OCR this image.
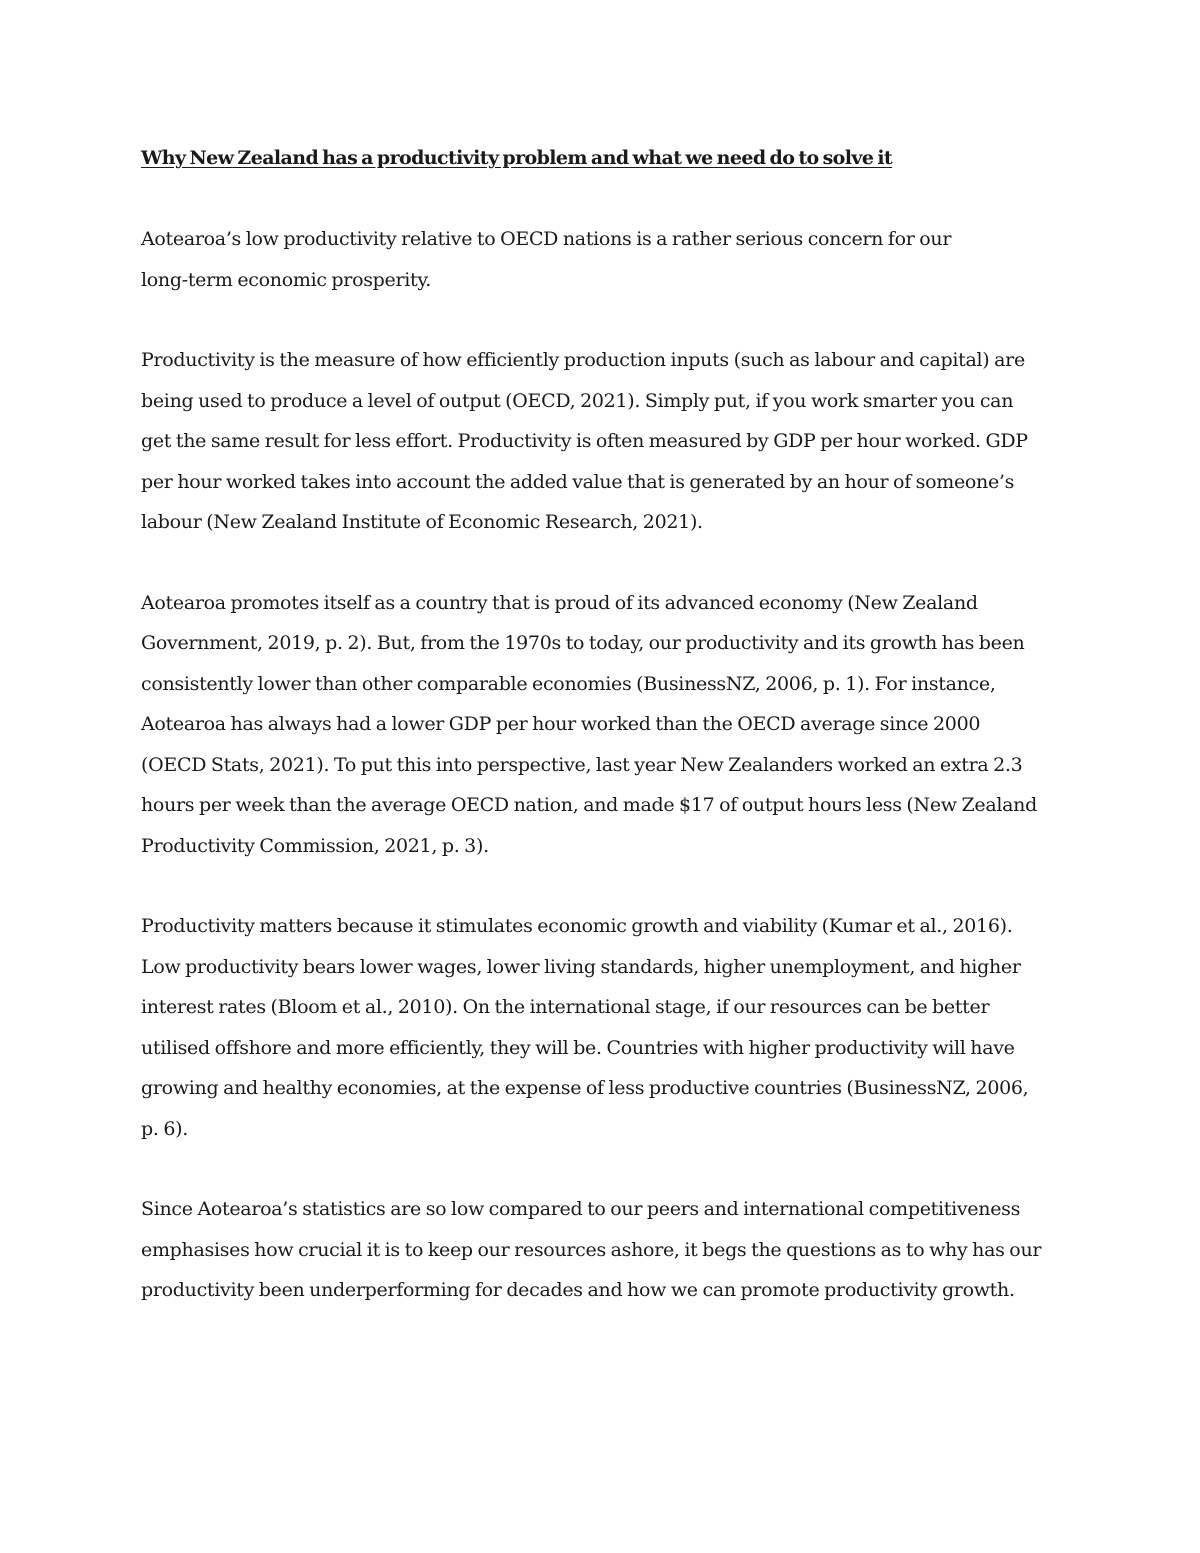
Why New Zealand has a productivity problem and what we need do to solve it

Aotearoa’s low productivity relative to OECD nations is a rather serious concern for our
long-term economic prosperity.

Productivity is the measure of how efficiently production inputs (such as labour and capital) are
being used to produce a level of output (OECD, 2021). Simply put, if you work smarter you can
get the same result for less effort. Productivity is often measured by GDP per hour worked. GDP
per hour worked takes into account the added value that is generated by an hour of someone’s
labour (New Zealand Institute of Economic Research, 2021).

Aotearoa promotes itself as a country that is proud of its advanced economy (New Zealand
Government, 2019, p. 2). But, from the 1970s to today, our productivity and its growth has been
consistently lower than other comparable economies (BusinessNZ, 2006, p. 1). For instance,
Aotearoa has always had a lower GDP per hour worked than the OECD average since 2000
(OECD Stats, 2021). To put this into perspective, last year New Zealanders worked an extra 2.3
hours per week than the average OECD nation, and made $17 of output hours less (New Zealand
Productivity Commission, 2021, p. 3).

Productivity matters because it stimulates economic growth and viability (Kumar et al., 2016).
Low productivity bears lower wages, lower living standards, higher unemployment, and higher
interest rates (Bloom et al., 2010). On the international stage, if our resources can be better
utilised offshore and more efficiently, they will be. Countries with higher productivity will have
growing and healthy economies, at the expense of less productive countries (BusinessNZ, 2006,
p. 6).

Since Aotearoa’s statistics are so low compared to our peers and international competitiveness
emphasises how crucial it is to keep our resources ashore, it begs the questions as to why has our
productivity been underperforming for decades and how we can promote productivity growth.
